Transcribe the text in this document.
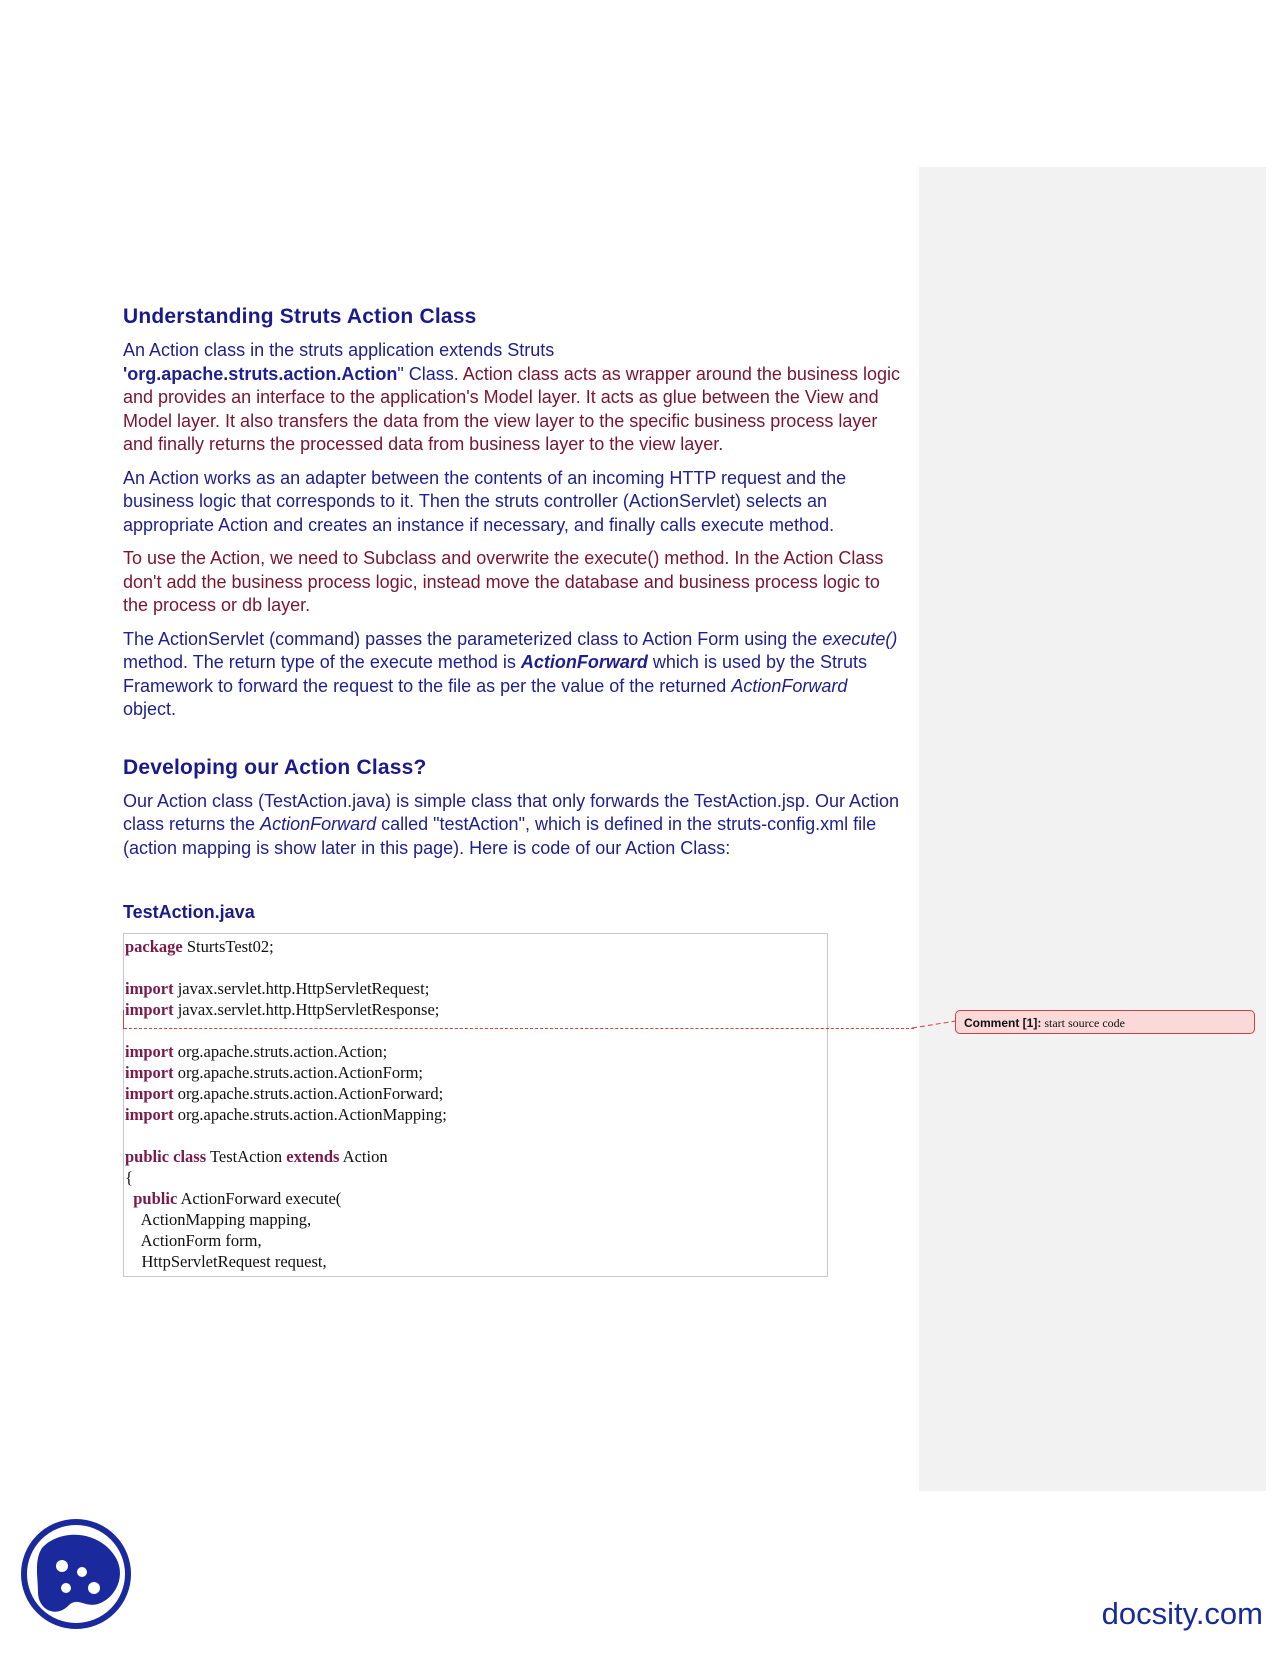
Understanding Struts Action Class

An Action class in the struts application extends Struts
'org.apache.struts.action.Action" Class. Action class acts as wrapper around the business logic and provides an interface to the application's Model layer. It acts as glue between the View and Model layer. It also transfers the data from the view layer to the specific business process layer and finally returns the processed data from business layer to the view layer.

An Action works as an adapter between the contents of an incoming HTTP request and the business logic that corresponds to it. Then the struts controller (ActionServlet) selects an appropriate Action and creates an instance if necessary, and finally calls execute method.

To use the Action, we need to Subclass and overwrite the execute() method. In the Action Class don't add the business process logic, instead move the database and business process logic to the process or db layer.

The ActionServlet (command) passes the parameterized class to Action Form using the execute() method. The return type of the execute method is ActionForward which is used by the Struts Framework to forward the request to the file as per the value of the returned ActionForward object.

Developing our Action Class?

Our Action class (TestAction.java) is simple class that only forwards the TestAction.jsp. Our Action class returns the ActionForward called "testAction", which is defined in the struts-config.xml file (action mapping is show later in this page). Here is code of our Action Class:

TestAction.java
package SturtsTest02;
import javax.servlet.http.HttpServletRequest;
import javax.servlet.http.HttpServletResponse;
import org.apache.struts.action.Action;
import org.apache.struts.action.ActionForm;
import org.apache.struts.action.ActionForward;
import org.apache.struts.action.ActionMapping;
public class TestAction extends Action
{
public ActionForward execute(
ActionMapping mapping,
ActionForm form,
HttpServletRequest request,
Comment [1]: start source code
docsity.com
